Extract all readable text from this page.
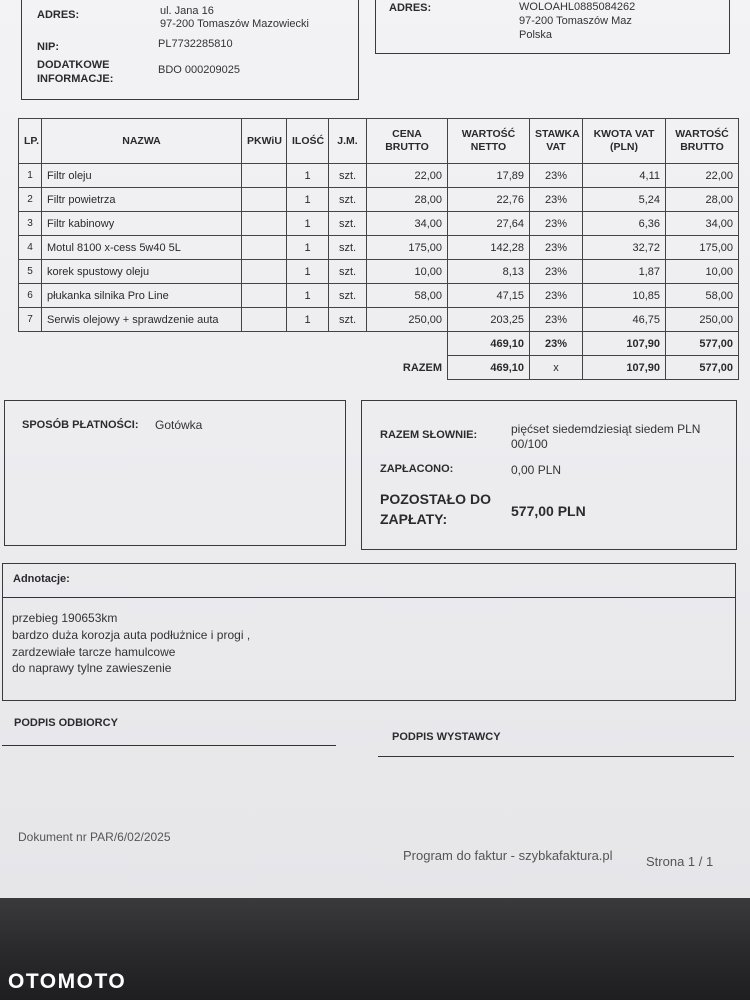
ADRES:	ul. Jana 16
97-200 Tomaszów Mazowiecki
NIP:	PL7732285810
DODATKOWE
INFORMACJE:
BDO 000209025
ADRES:	WOLOAHL0885084262
97-200 Tomaszów Maz
Polska
LP.	NAZWA	PKWiU	ILOŚĆ	J.M.	CENA BRUTTO	WARTOŚĆ NETTO	STAWKA VAT	KWOTA VAT (PLN)	WARTOŚĆ BRUTTO
1	Filtr oleju		1	szt.	22,00	17,89	23%	4,11	22,00
2	Filtr powietrza		1	szt.	28,00	22,76	23%	5,24	28,00
3	Filtr kabinowy		1	szt.	34,00	27,64	23%	6,36	34,00
4	Motul 8100 x-cess 5w40 5L		1	szt.	175,00	142,28	23%	32,72	175,00
5	korek spustowy oleju		1	szt.	10,00	8,13	23%	1,87	10,00
6	płukanka silnika Pro Line		1	szt.	58,00	47,15	23%	10,85	58,00
7	Serwis olejowy + sprawdzenie auta		1	szt.	250,00	203,25	23%	46,75	250,00
						469,10	23%	107,90	577,00
					RAZEM	469,10	x	107,90	577,00
SPOSÓB PŁATNOŚCI: Gotówka
RAZEM SŁOWNIE:	pięćset siedemdziesiąt siedem PLN
00/100
ZAPŁACONO:	0,00 PLN
POZOSTAŁO DO
ZAPŁATY:	577,00 PLN
Adnotacje:
przebieg 190653km
bardzo duża korozja auta podłużnice i progi ,
zardzewiałe tarcze hamulcowe
do naprawy tylne zawieszenie
PODPIS ODBIORCY
PODPIS WYSTAWCY
Dokument nr PAR/6/02/2025
Program do faktur - szybkafaktura.pl	Strona 1 / 1
OTOMOTO
